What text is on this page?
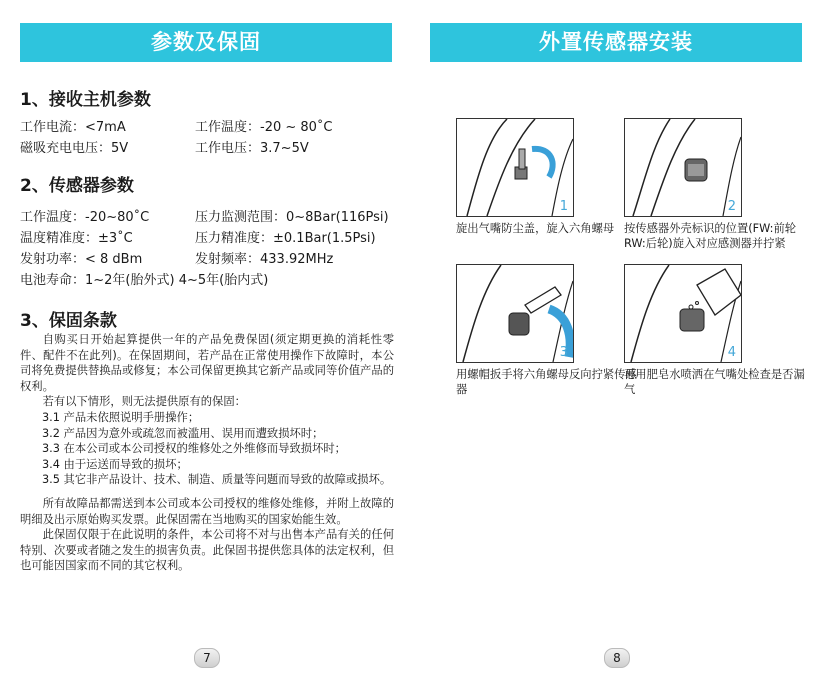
参数及保固
1、接收主机参数
工作电流：<7mA	工作温度：-20 ~ 80˚C
磁吸充电电压：5V	工作电压：3.7~5V
2、传感器参数
工作温度：-20~80˚C	压力监测范围：0~8Bar(116Psi)
温度精准度：±3˚C	压力精准度：±0.1Bar(1.5Psi)
发射功率：< 8 dBm	发射频率：433.92MHz
电池寿命：1~2年(胎外式) 4~5年(胎内式)
3、保固条款

自购买日开始起算提供一年的产品免费保固(须定期更换的消耗性零件、配件不在此列)。在保固期间，若产品在正常使用操作下故障时，本公司将免费提供替换品或修复；本公司保留更换其它新产品或同等价值产品的权利。

若有以下情形，则无法提供原有的保固：

3.1 产品未依照说明手册操作；

3.2 产品因为意外或疏忽而被滥用、误用而遭致损坏时；

3.3 在本公司或本公司授权的维修处之外维修而导致损坏时；

3.4 由于运送而导致的损坏；

3.5 其它非产品设计、技术、制造、质量等问题而导致的故障或损坏。

所有故障品都需送到本公司或本公司授权的维修处维修，并附上故障的明细及出示原始购买发票。此保固需在当地购买的国家始能生效。

此保固仅限于在此说明的条件，本公司将不对与出售本产品有关的任何特别、次要或者随之发生的损害负责。此保固书提供您具体的法定权利，但也可能因国家而不同的其它权利。

7
外置传感器安装
1
旋出气嘴防尘盖，旋入六角螺母
2
按传感器外壳标识的位置(FW:前轮 RW:后轮)旋入对应感测器并拧紧
3
用螺帽扳手将六角螺母反向拧紧传感器
4
再用肥皂水喷洒在气嘴处检查是否漏气
8
